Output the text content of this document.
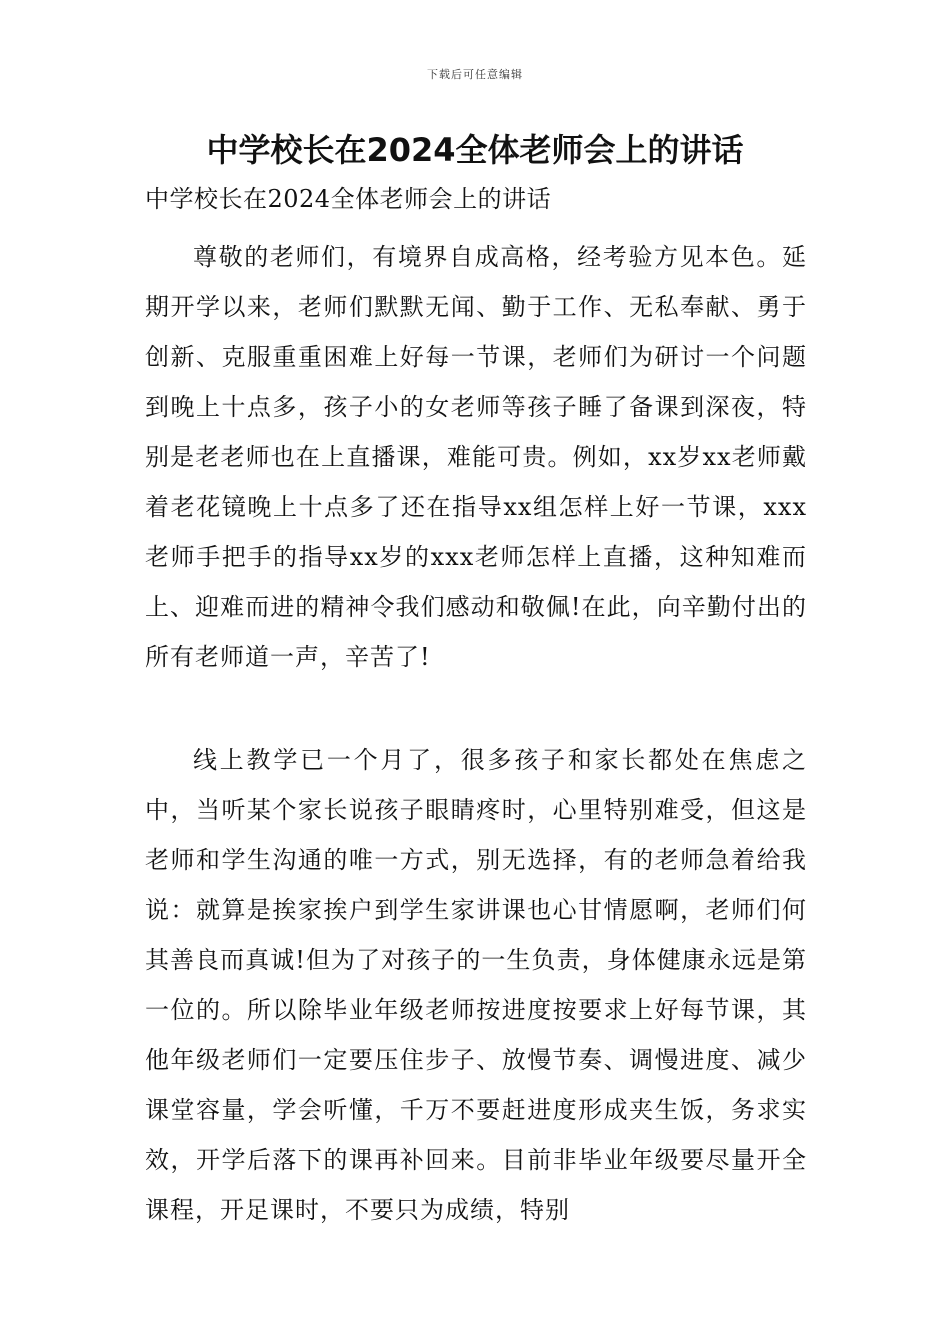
下载后可任意编辑
中学校长在2024全体老师会上的讲话

中学校长在2024全体老师会上的讲话

尊敬的老师们，有境界自成高格，经考验方见本色。延期开学以来，老师们默默无闻、勤于工作、无私奉献、勇于创新、克服重重困难上好每一节课，老师们为研讨一个问题到晚上十点多，孩子小的女老师等孩子睡了备课到深夜，特别是老老师也在上直播课，难能可贵。例如，xx岁xx老师戴着老花镜晚上十点多了还在指导xx组怎样上好一节课，xxx老师手把手的指导xx岁的xxx老师怎样上直播，这种知难而上、迎难而进的精神令我们感动和敬佩!在此，向辛勤付出的所有老师道一声，辛苦了!

线上教学已一个月了，很多孩子和家长都处在焦虑之中，当听某个家长说孩子眼睛疼时，心里特别难受，但这是老师和学生沟通的唯一方式，别无选择，有的老师急着给我说：就算是挨家挨户到学生家讲课也心甘情愿啊，老师们何其善良而真诚!但为了对孩子的一生负责，身体健康永远是第一位的。所以除毕业年级老师按进度按要求上好每节课，其他年级老师们一定要压住步子、放慢节奏、调慢进度、减少课堂容量，学会听懂，千万不要赶进度形成夹生饭，务求实效，开学后落下的课再补回来。目前非毕业年级要尽量开全课程，开足课时，不要只为成绩，特别
